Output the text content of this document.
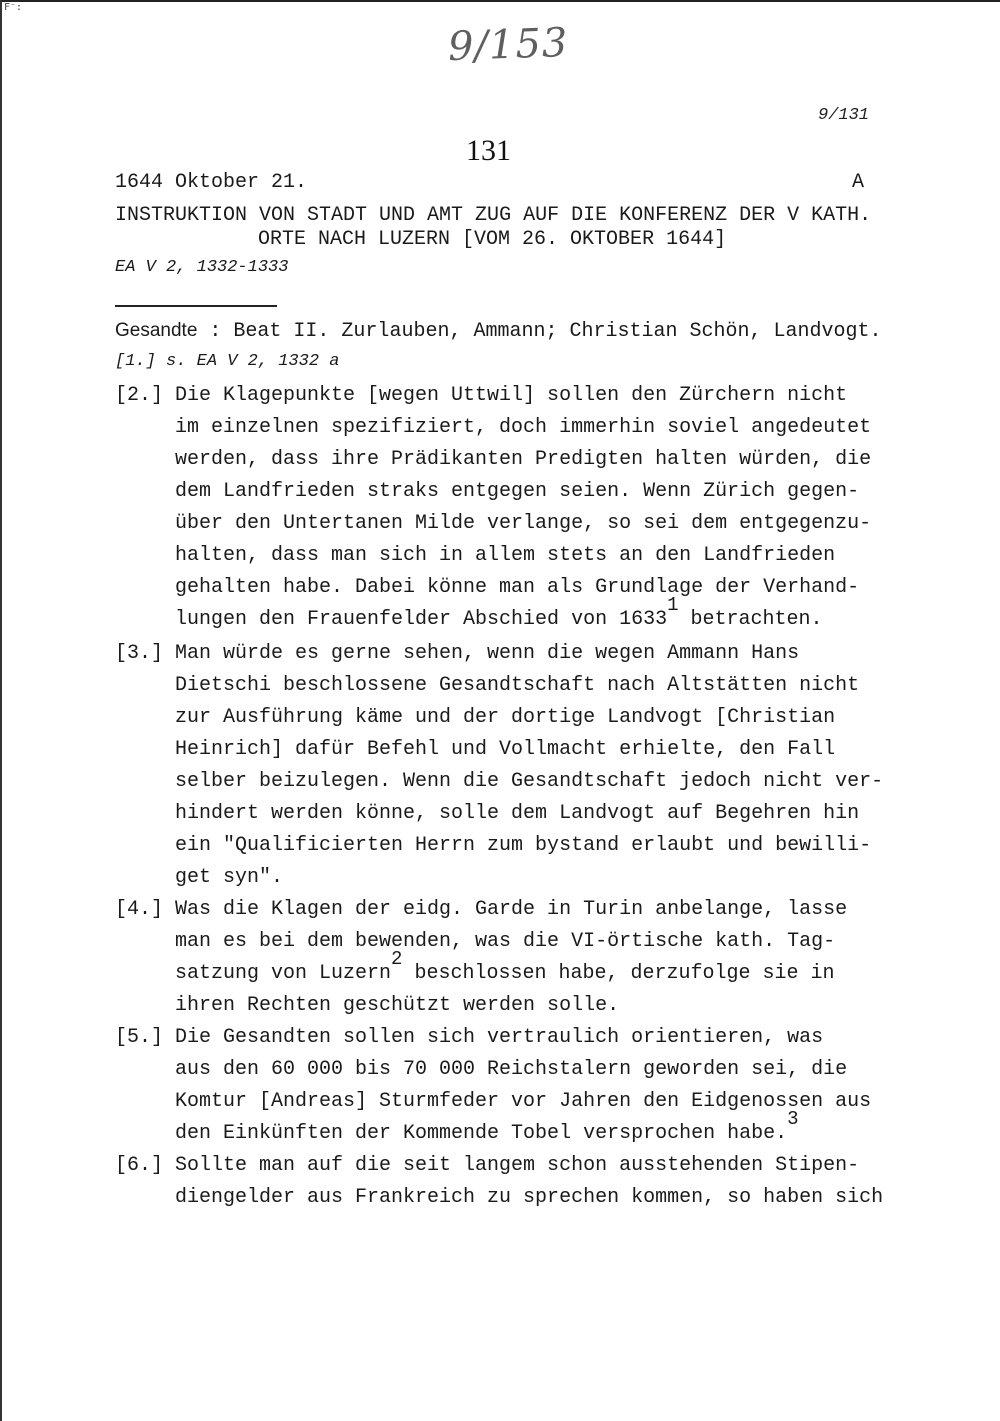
F⁻:
9/153
9/131
131
1644 Oktober 21.	A
INSTRUKTION VON STADT UND AMT ZUG AUF DIE KONFERENZ DER V KATH.
ORTE NACH LUZERN [VOM 26. OKTOBER 1644]
EA V 2, 1332-1333
Gesandte : Beat II. Zurlauben, Ammann; Christian Schön, Landvogt.
[1.] s. EA V 2, 1332 a

[2.]

Die Klagepunkte [wegen Uttwil] sollen den Zürchern nicht

im einzelnen spezifiziert, doch immerhin soviel angedeutet

werden, dass ihre Prädikanten Predigten halten würden, die

dem Landfrieden straks entgegen seien. Wenn Zürich gegen-

über den Untertanen Milde verlange, so sei dem entgegenzu-

halten, dass man sich in allem stets an den Landfrieden

gehalten habe. Dabei könne man als Grundlage der Verhand-

lungen den Frauenfelder Abschied von 1633$^1$ betrachten.

[3.]

Man würde es gerne sehen, wenn die wegen Ammann Hans

Dietschi beschlossene Gesandtschaft nach Altstätten nicht

zur Ausführung käme und der dortige Landvogt [Christian

Heinrich] dafür Befehl und Vollmacht erhielte, den Fall

selber beizulegen. Wenn die Gesandtschaft jedoch nicht ver-

hindert werden könne, solle dem Landvogt auf Begehren hin

ein "Qualificierten Herrn zum bystand erlaubt und bewilli-

get syn".

[4.]

Was die Klagen der eidg. Garde in Turin anbelange, lasse

man es bei dem bewenden, was die VI-örtische kath. Tag-

satzung von Luzern$^2$ beschlossen habe, derzufolge sie in

ihren Rechten geschützt werden solle.

[5.]

Die Gesandten sollen sich vertraulich orientieren, was

aus den 60 000 bis 70 000 Reichstalern geworden sei, die

Komtur [Andreas] Sturmfeder vor Jahren den Eidgenossen aus

den Einkünften der Kommende Tobel versprochen habe.$^3$

[6.]

Sollte man auf die seit langem schon ausstehenden Stipen-

diengelder aus Frankreich zu sprechen kommen, so haben sich
